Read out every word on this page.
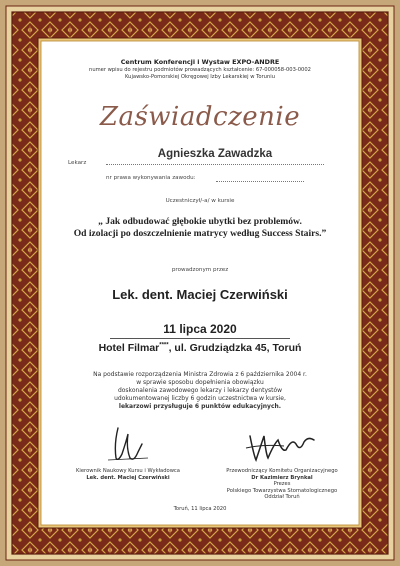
Centrum Konferencji i Wystaw EXPO-ANDRE
numer wpisu do rejestru podmiotów prowadzących kształcenie: 67-000058-003-0002
Kujawsko-Pomorskiej Okręgowej Izby Lekarskiej w Toruniu
Zaświadczenie
Lekarz
Agnieszka Zawadzka
nr prawa wykonywania zawodu:
Uczestniczył/-a/ w kursie
„ Jak odbudować głębokie ubytki bez problemów.
Od izolacji po doszczelnienie matrycy według Success Stairs.”
prowadzonym przez
Lek. dent. Maciej Czerwiński
11 lipca 2020
Hotel Filmar****, ul. Grudziądzka 45, Toruń
Na podstawie rozporządzenia Ministra Zdrowia z 6 października 2004 r.
w sprawie sposobu dopełnienia obowiązku
doskonalenia zawodowego lekarzy i lekarzy dentystów
udokumentowanej liczby 6 godzin uczestnictwa w kursie,
lekarzowi przysługuje 6 punktów edukacyjnych.
Kierownik Naukowy Kursu i Wykładowca
Lek. dent. Maciej Czerwiński
Przewodniczący Komitetu Organizacyjnego
Dr Kazimierz Brynkal
Prezes
Polskiego Towarzystwa Stomatologicznego
Oddział Toruń
Toruń, 11 lipca 2020
